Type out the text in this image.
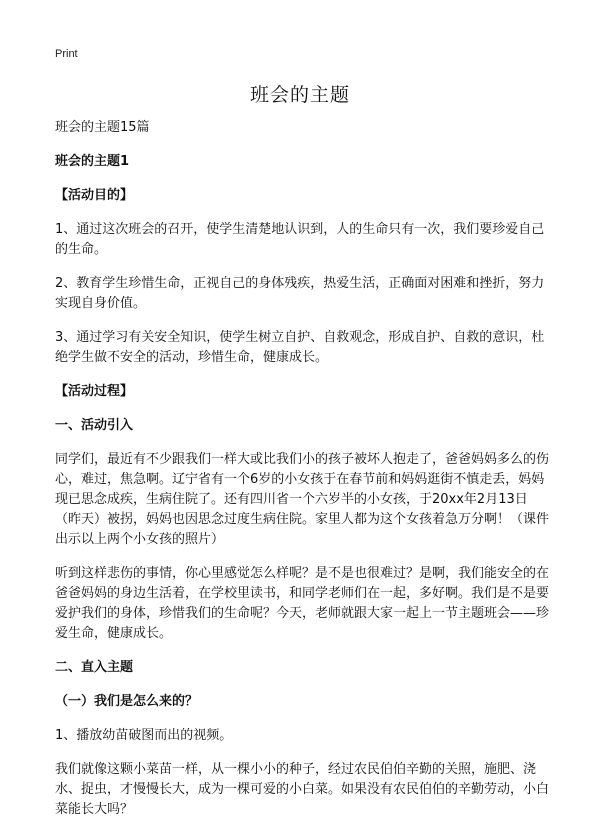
Print
班会的主题

班会的主题15篇

班会的主题1

【活动目的】

1、通过这次班会的召开，使学生清楚地认识到，人的生命只有一次，我们要珍爱自己的生命。

2、教育学生珍惜生命，正视自己的身体残疾，热爱生活，正确面对困难和挫折，努力实现自身价值。

3、通过学习有关安全知识，使学生树立自护、自救观念，形成自护、自救的意识，杜绝学生做不安全的活动，珍惜生命，健康成长。

【活动过程】

一、活动引入

同学们，最近有不少跟我们一样大或比我们小的孩子被坏人抱走了，爸爸妈妈多么的伤心，难过，焦急啊。辽宁省有一个6岁的小女孩于在春节前和妈妈逛街不慎走丢，妈妈现已思念成疾，生病住院了。还有四川省一个六岁半的小女孩，于20xx年2月13日（昨天）被拐，妈妈也因思念过度生病住院。家里人都为这个女孩着急万分啊！（课件出示以上两个小女孩的照片）

听到这样悲伤的事情，你心里感觉怎么样呢？是不是也很难过？是啊，我们能安全的在爸爸妈妈的身边生活着，在学校里读书，和同学老师们在一起，多好啊。我们是不是要爱护我们的身体，珍惜我们的生命呢？今天，老师就跟大家一起上一节主题班会——珍爱生命，健康成长。

二、直入主题

（一）我们是怎么来的？

1、播放幼苗破图而出的视频。

我们就像这颗小菜苗一样，从一棵小小的种子，经过农民伯伯辛勤的关照，施肥、浇水、捉虫，才慢慢长大，成为一棵可爱的小白菜。如果没有农民伯伯的辛勤劳动，小白菜能长大吗？
